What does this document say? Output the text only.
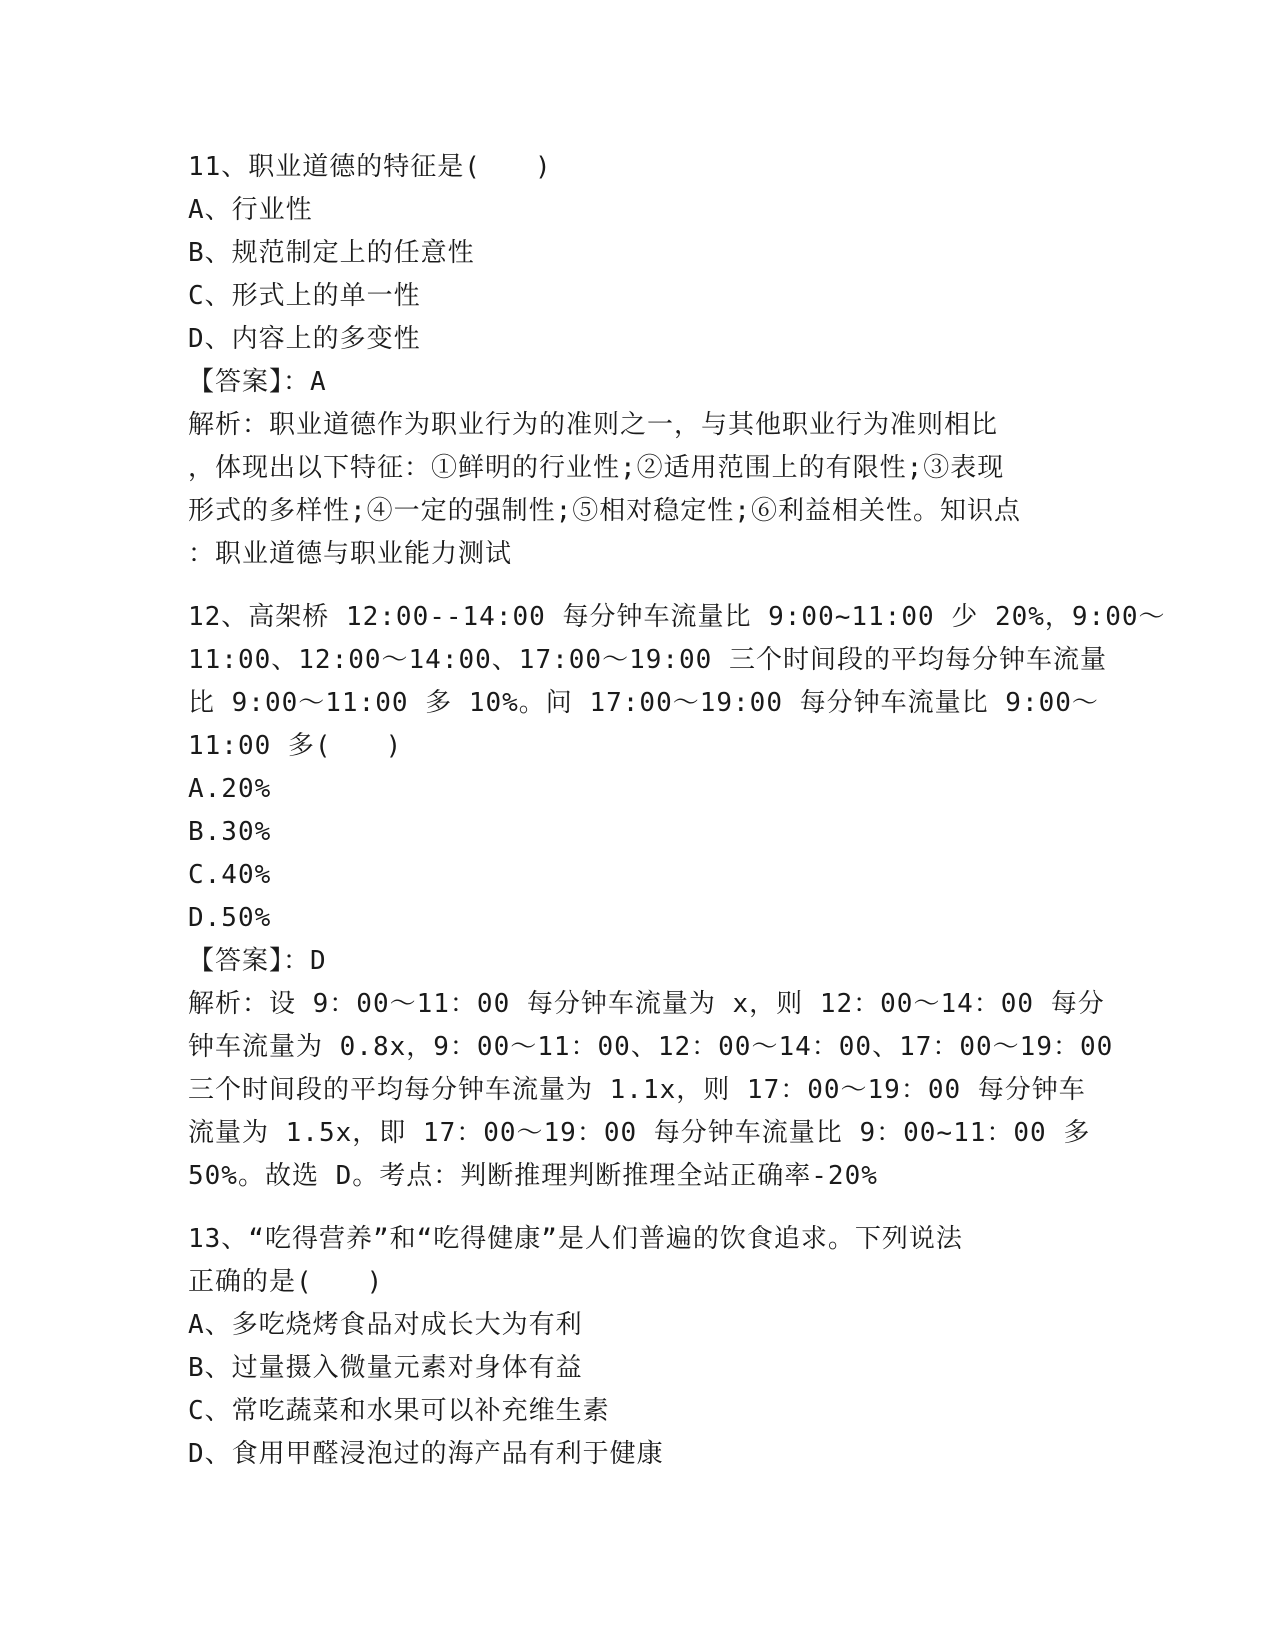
11、职业道德的特征是(　　)
A、行业性
B、规范制定上的任意性
C、形式上的单一性
D、内容上的多变性
【答案】：A
解析：职业道德作为职业行为的准则之一，与其他职业行为准则相比
，体现出以下特征：①鲜明的行业性;②适用范围上的有限性;③表现
形式的多样性;④一定的强制性;⑤相对稳定性;⑥利益相关性。知识点
：职业道德与职业能力测试
12、高架桥 12:00--14:00 每分钟车流量比 9:00~11:00 少 20%，9:00～
11:00、12:00～14:00、17:00～19:00 三个时间段的平均每分钟车流量
比 9:00～11:00 多 10%。问 17:00～19:00 每分钟车流量比 9:00～
11:00 多(　　)
A.20%
B.30%
C.40%
D.50%
【答案】：D
解析：设 9：00～11：00 每分钟车流量为 x，则 12：00～14：00 每分
钟车流量为 0.8x，9：00～11：00、12：00～14：00、17：00～19：00
三个时间段的平均每分钟车流量为 1.1x，则 17：00～19：00 每分钟车
流量为 1.5x，即 17：00～19：00 每分钟车流量比 9：00~11：00 多
50%。故选 D。考点：判断推理判断推理全站正确率-20%
13、“吃得营养”和“吃得健康”是人们普遍的饮食追求。下列说法
正确的是(　　)
A、多吃烧烤食品对成长大为有利
B、过量摄入微量元素对身体有益
C、常吃蔬菜和水果可以补充维生素
D、食用甲醛浸泡过的海产品有利于健康
